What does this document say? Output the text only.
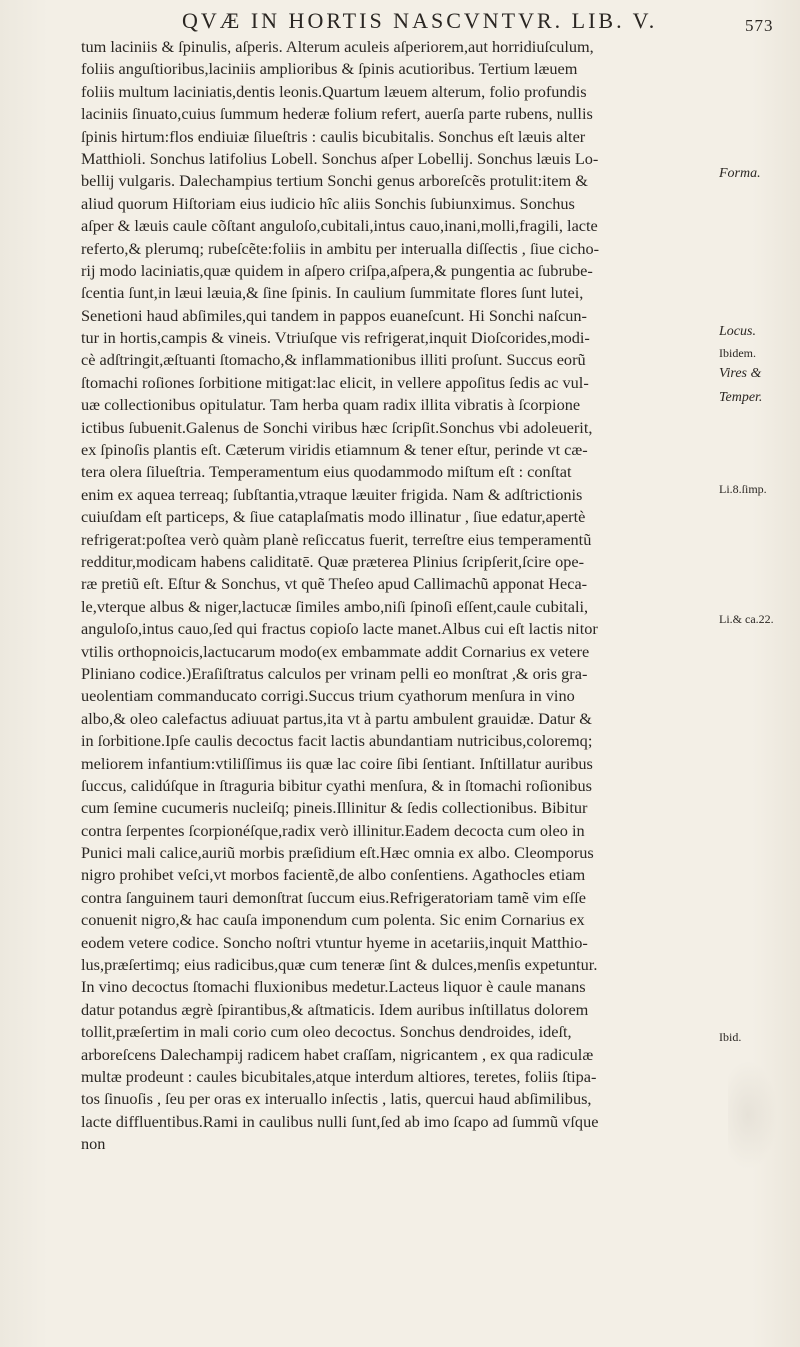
QVÆ IN HORTIS NASCVNTVR. LIB. V.	573
tum laciniis & ſpinulis, aſperis. Alterum aculeis aſperiorem,aut horridiuſculum,
foliis anguſtioribus,laciniis amplioribus & ſpinis acutioribus. Tertium læuem
foliis multum laciniatis,dentis leonis.Quartum læuem alterum, folio profundis
laciniis ſinuato,cuius ſummum hederæ folium refert, auerſa parte rubens, nullis
ſpinis hirtum:flos endiuiæ ſilueſtris : caulis bicubitalis. Sonchus eſt læuis alter
Matthioli. Sonchus latifolius Lobell. Sonchus aſper Lobellij. Sonchus læuis Lo-
bellij vulgaris. Dalechampius tertium Sonchi genus arboreſcẽs protulit:item &
aliud quorum Hiſtoriam eius iudicio hîc aliis Sonchis ſubiunximus. Sonchus
aſper & læuis caule cõſtant anguloſo,cubitali,intus cauo,inani,molli,fragili, lacte
referto,& plerumq; rubeſcẽte:foliis in ambitu per interualla diſſectis , ſiue cicho-
rij modo laciniatis,quæ quidem in aſpero criſpa,aſpera,& pungentia ac ſubrube-
ſcentia ſunt,in læui læuia,& ſine ſpinis. In caulium ſummitate flores ſunt lutei,
Senetioni haud abſimiles,qui tandem in pappos euaneſcunt. Hi Sonchi naſcun-
tur in hortis,campis & vineis. Vtriuſque vis refrigerat,inquit Dioſcorides,modi-
cè adſtringit,æſtuanti ſtomacho,& inflammationibus illiti proſunt. Succus eorũ
ſtomachi roſiones ſorbitione mitigat:lac elicit, in vellere appoſitus ſedis ac vul-
uæ collectionibus opitulatur. Tam herba quam radix illita vibratis à ſcorpione
ictibus ſubuenit.Galenus de Sonchi viribus hæc ſcripſit.Sonchus vbi adoleuerit,
ex ſpinoſis plantis eſt. Cæterum viridis etiamnum & tener eſtur, perinde vt cæ-
tera olera ſilueſtria. Temperamentum eius quodammodo miſtum eſt : conſtat
enim ex aquea terreaq; ſubſtantia,vtraque læuiter frigida. Nam & adſtrictionis
cuiuſdam eſt particeps, & ſiue cataplaſmatis modo illinatur , ſiue edatur,apertè
refrigerat:poſtea verò quàm planè reſiccatus fuerit, terreſtre eius temperamentũ
redditur,modicam habens caliditatē. Quæ præterea Plinius ſcripſerit,ſcire ope-
ræ pretiũ eſt. Eſtur & Sonchus, vt quẽ Theſeo apud Callimachũ apponat Heca-
le,vterque albus & niger,lactucæ ſimiles ambo,niſi ſpinoſi eſſent,caule cubitali,
anguloſo,intus cauo,ſed qui fractus copioſo lacte manet.Albus cui eſt lactis nitor
vtilis orthopnoicis,lactucarum modo(ex embammate addit Cornarius ex vetere
Pliniano codice.)Eraſiſtratus calculos per vrinam pelli eo monſtrat ,& oris gra-
ueolentiam commanducato corrigi.Succus trium cyathorum menſura in vino
albo,& oleo calefactus adiuuat partus,ita vt à partu ambulent grauidæ. Datur &
in ſorbitione.Ipſe caulis decoctus facit lactis abundantiam nutricibus,coloremq;
meliorem infantium:vtiliſſimus iis quæ lac coire ſibi ſentiant. Inſtillatur auribus
ſuccus, calidúſque in ſtraguria bibitur cyathi menſura, & in ſtomachi roſionibus
cum ſemine cucumeris nucleiſq; pineis.Illinitur & ſedis collectionibus. Bibitur
contra ſerpentes ſcorpionéſque,radix verò illinitur.Eadem decocta cum oleo in
Punici mali calice,auriũ morbis præſidium eſt.Hæc omnia ex albo. Cleomporus
nigro prohibet veſci,vt morbos facientẽ,de albo conſentiens. Agathocles etiam
contra ſanguinem tauri demonſtrat ſuccum eius.Refrigeratoriam tamẽ vim eſſe
conuenit nigro,& hac cauſa imponendum cum polenta. Sic enim Cornarius ex
eodem vetere codice. Soncho noſtri vtuntur hyeme in acetariis,inquit Matthio-
lus,præſertimq; eius radicibus,quæ cum teneræ ſint & dulces,menſis expetuntur.
In vino decoctus ſtomachi fluxionibus medetur.Lacteus liquor è caule manans
datur potandus ægrè ſpirantibus,& aſtmaticis. Idem auribus inſtillatus dolorem
tollit,præſertim in mali corio cum oleo decoctus. Sonchus dendroides, ideſt,
arboreſcens Dalechampij radicem habet craſſam, nigricantem , ex qua radiculæ
multæ prodeunt : caules bicubitales,atque interdum altiores, teretes, foliis ſtipa-
tos ſinuoſis , ſeu per oras ex interuallo inſectis , latis, quercui haud abſimilibus,
lacte diffluentibus.Rami in caulibus nulli ſunt,ſed ab imo ſcapo ad ſummũ vſque
non
Forma.
Locus.
Ibidem.
Vires &
Temper.
Li.8.ſimp.
Li.& ca.22.
Ibid.
